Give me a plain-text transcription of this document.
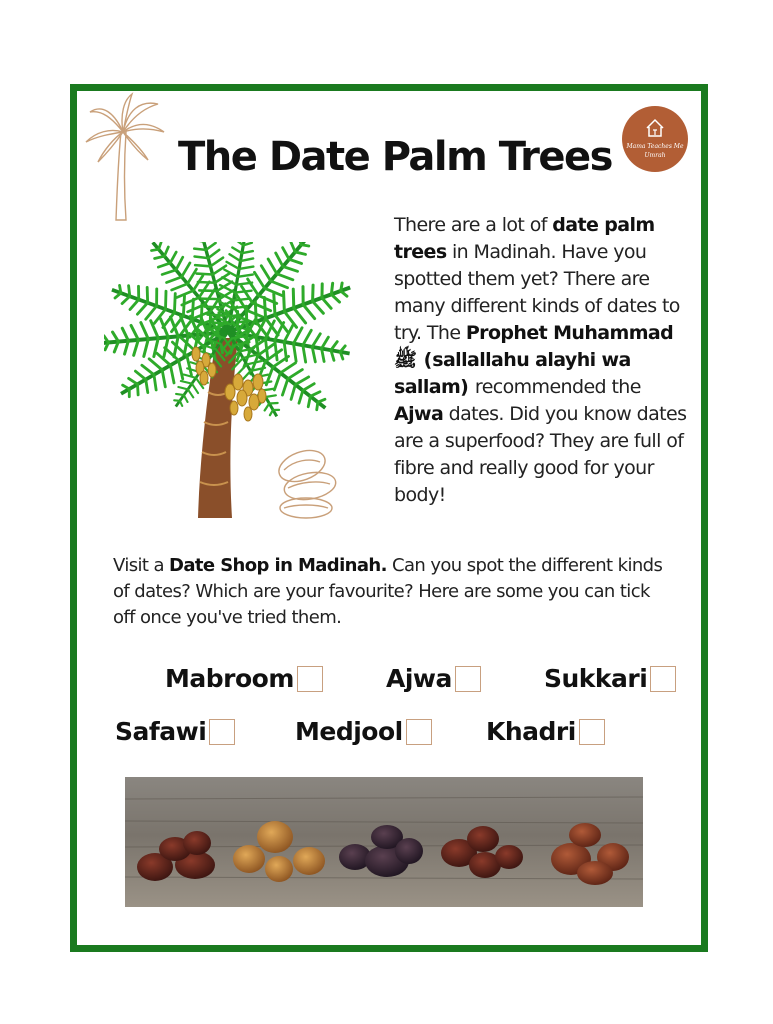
The Date Palm Trees	Mama Teaches Me
Umrah
There are a lot of date palm trees in Madinah. Have you spotted them yet? There are many different kinds of dates to try. The Prophet Muhammad ﷺ (sallallahu alayhi wa sallam) recommended the Ajwa dates. Did you know dates are a superfood? They are full of fibre and really good for your body!
Visit a Date Shop in Madinah. Can you spot the different kinds of dates? Which are your favourite? Here are some you can tick off once you've tried them.
Mabroom	Ajwa	Sukkari
Safawi	Medjool	Khadri
